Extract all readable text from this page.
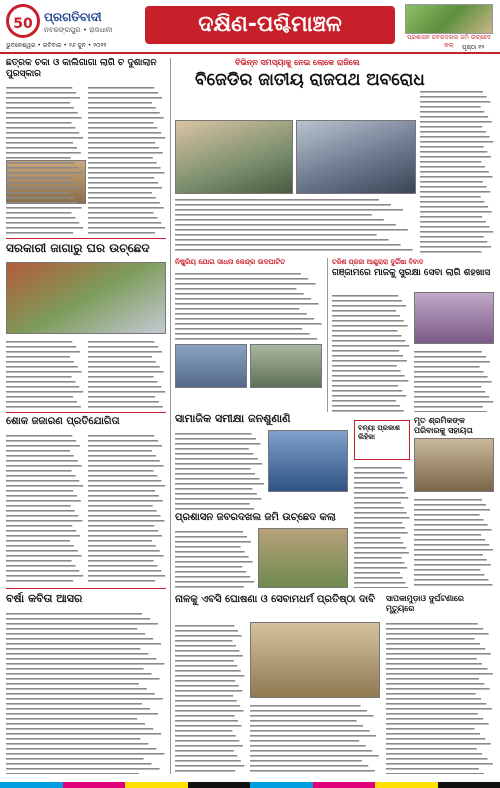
50 ପ୍ରଗତିବାଦୀ
ନବରଙ୍ଗପୁର • ରାଜଧାନୀ
ଭୁବନେଶ୍ୱର • ରବିବାର • ୨୬ ଜୁନ • ୨୦୨୨
ଦକ୍ଷିଣ-ପଶ୍ଚିମାଞ୍ଚଳ
ପ୍ରଶାସନ ଜବରଦଖଲ ଜମି ଉଚ୍ଛେଦ କଲା	ପୃଷ୍ଠା ୧୨
ଛତ୍ରକ ଚକା ଓ କାଲିଗାଗା ଲାଗି ଚ ଦୁଶାଲାନ ପୁରସ୍କାର
ବିଭିନ୍ନ ସମସ୍ୟାକୁ ନେଇ ଲୋକେ ରାଜିଲେ
ବିଜେଡିର ଜାତୀୟ ରାଜପଥ ଅବରୋଧ
ସରକାରୀ ଜାଗାରୁ ଘର ଉଚ୍ଛେଦ
ନିଷ୍କ୍ରିୟ ଯୋଗ ସାଧନା କେନ୍ଦ୍ର ଉଦଘାଟିତ	ତରିଶ ପ୍ରଜା ଆଣ୍ଡ୍ରାରା ଦୁର୍ଗିଷା ବିବାଦ
ଗଞ୍ଜାମରେ ମାଜକୁ ସୁରକ୍ଷା ସେବା ଲାଗି ଶହଖାସ
ଶୋକ ଜଜାରଣ ପ୍ରତିଯୋଗିତା	ସାମାଜିକ ସମୀକ୍ଷା ଜନଶୁଣାଣି
ପ୍ରଶାସନ ଜବରଦଖଲ ଜମି ଉଚ୍ଛେଦ କଲା
ବନ୍ୟା ପ୍ରକାଶ ଲିହିକା
ମୃତ ଶ୍ରମିକଙ୍କ ପରିବାରକୁ ସହାୟତା
ବର୍ଷା କବିତା ଆସର	ନାଳକୁ ଏବସି ଘୋଷଣା ଓ ସେବାମଧର୍ମ ପ୍ରତିଷ୍ଠା ଦାବି	ସାପକାମୁଡ଼ାଓ ଦୁର୍ଘଟଣାରେ ମୃତ୍ୟୁରେ
